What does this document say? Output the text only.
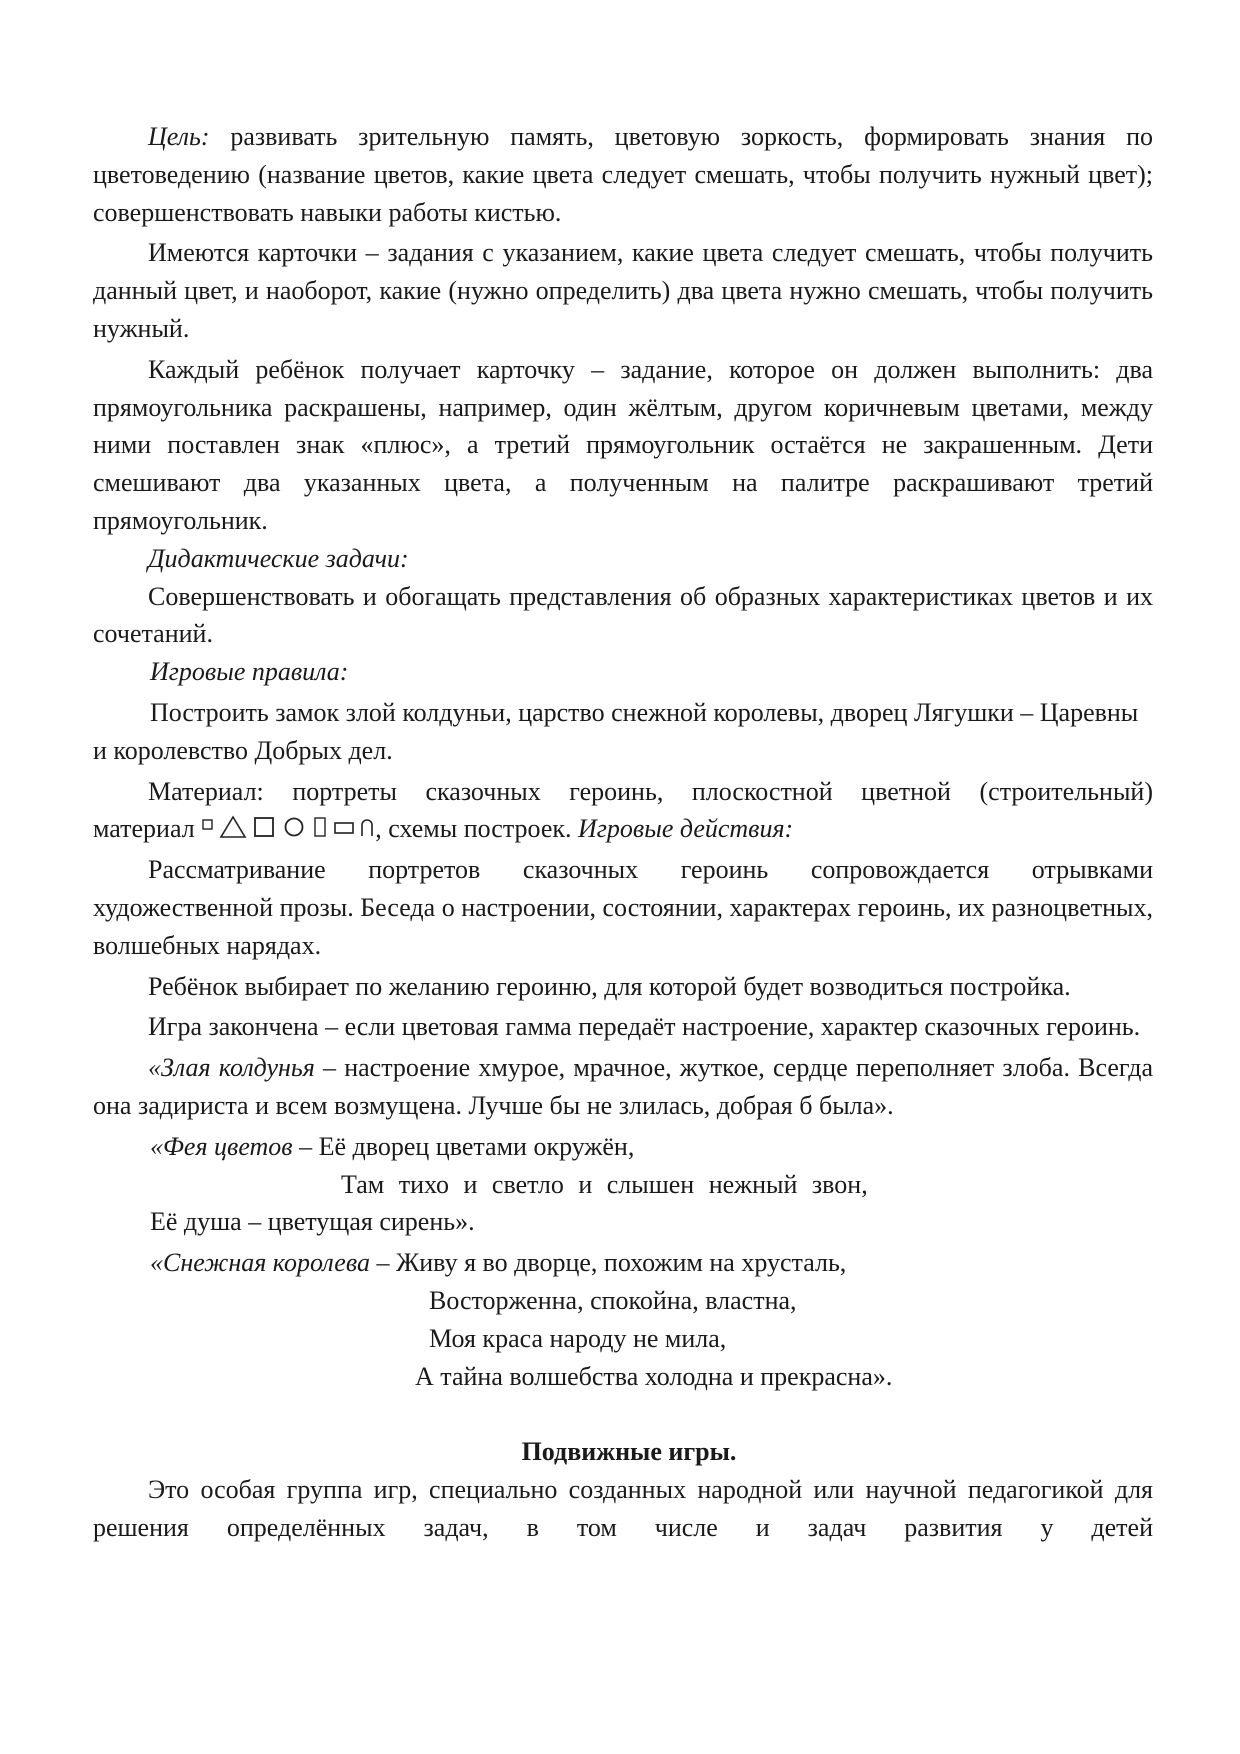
Цель: развивать зрительную память, цветовую зоркость, формировать знания по цветоведению (название цветов, какие цвета следует смешать, чтобы получить нужный цвет); совершенствовать навыки работы кистью.

Имеются карточки – задания с указанием, какие цвета следует смешать, чтобы получить данный цвет, и наоборот, какие (нужно определить) два цвета нужно смешать, чтобы получить нужный.

Каждый ребёнок получает карточку – задание, которое он должен выполнить: два прямоугольника раскрашены, например, один жёлтым, другом коричневым цветами, между ними поставлен знак «плюс», а третий прямоугольник остаётся не закрашенным. Дети смешивают два указанных цвета, а полученным на палитре раскрашивают третий прямоугольник.

Дидактические задачи:

Совершенствовать и обогащать представления об образных характеристиках цветов и их сочетаний.

Игровые правила:

Построить замок злой колдуньи, царство снежной королевы, дворец Лягушки – Царевны и королевство Добрых дел.

Материал: портреты сказочных героинь, плоскостной цветной (строительный)
материал	, схемы построек. Игровые действия:

Рассматривание портретов сказочных героинь сопровождается отрывками художественной прозы. Беседа о настроении, состоянии, характерах героинь, их разноцветных, волшебных нарядах.

Ребёнок выбирает по желанию героиню, для которой будет возводиться постройка.

Игра закончена – если цветовая гамма передаёт настроение, характер сказочных героинь.

«Злая колдунья – настроение хмурое, мрачное, жуткое, сердце переполняет злоба. Всегда она задириста и всем возмущена. Лучше бы не злилась, добрая б была».

«Фея цветов – Её дворец цветами окружён,
Там тихо и светло и слышен нежный звон,
Её душа – цветущая сирень».

«Снежная королева – Живу я во дворце, похожим на хрусталь,
Восторженна, спокойна, властна,
Моя краса народу не мила,
А тайна волшебства холодна и прекрасна».

Подвижные игры.

Это особая группа игр, специально созданных народной или научной педагогикой для решения определённых задач, в том числе и задач развития у детей
